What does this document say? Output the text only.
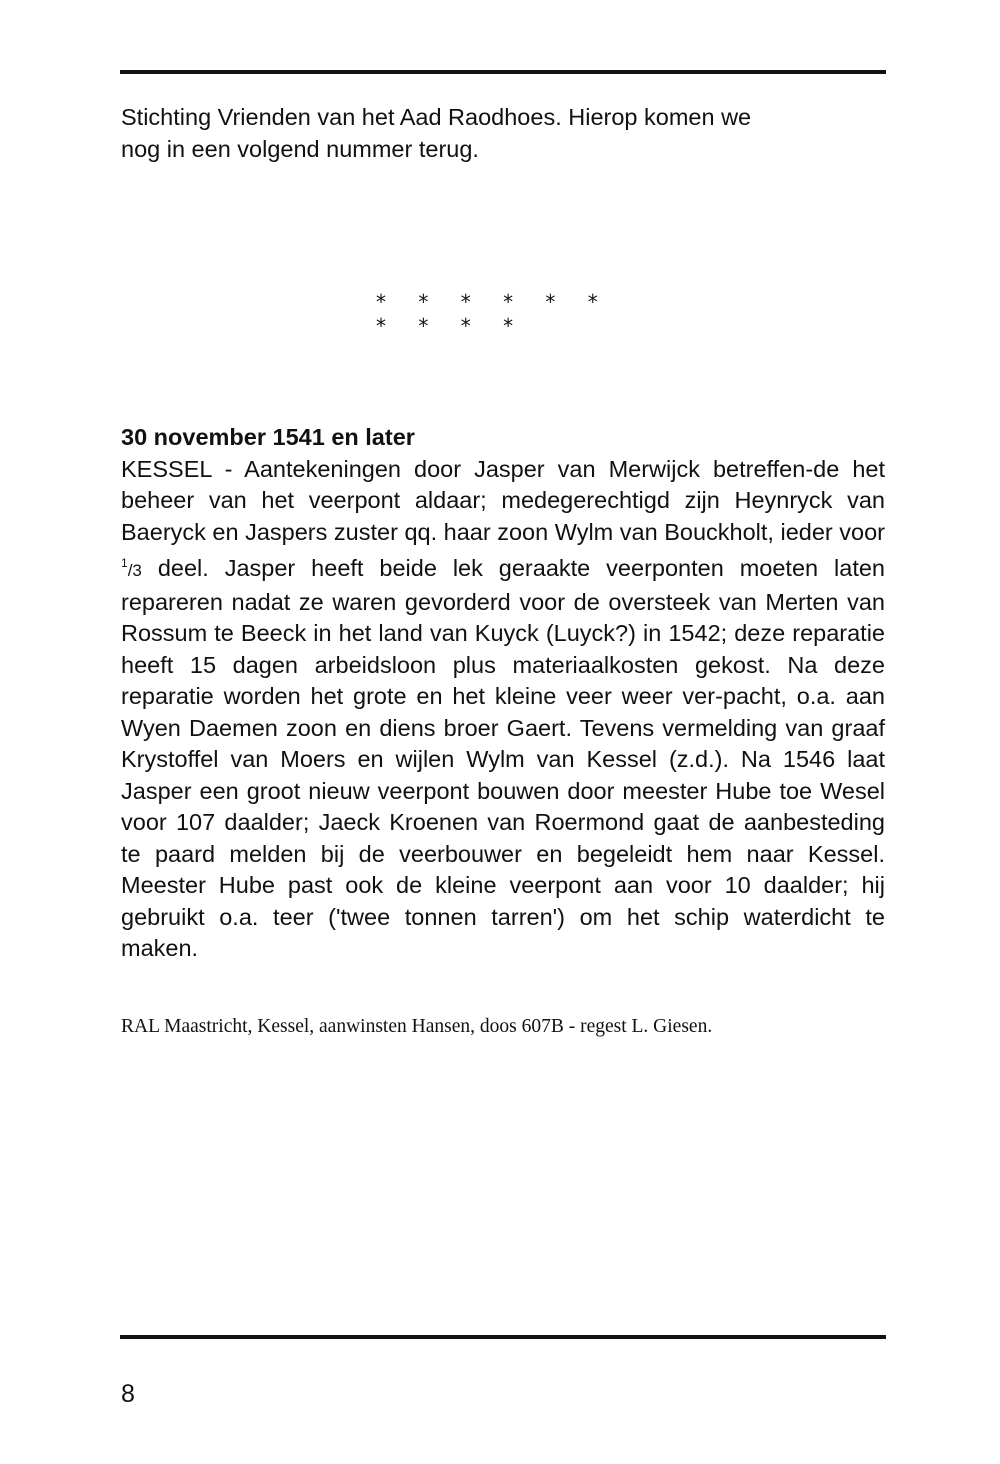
Stichting Vrienden van het Aad Raodhoes. Hierop komen we
nog in een volgend nummer terug.
* * * * * * * * * *
30 november 1541 en later
KESSEL - Aantekeningen door Jasper van Merwijck betreffen-de het beheer van het veerpont aldaar; medegerechtigd zijn Heynryck van Baeryck en Jaspers zuster qq. haar zoon Wylm van Bouckholt, ieder voor $^1$/3 deel. Jasper heeft beide lek geraakte veerponten moeten laten repareren nadat ze waren gevorderd voor de oversteek van Merten van Rossum te Beeck in het land van Kuyck (Luyck?) in 1542; deze reparatie heeft 15 dagen arbeidsloon plus materiaalkosten gekost. Na deze reparatie worden het grote en het kleine veer weer ver-pacht, o.a. aan Wyen Daemen zoon en diens broer Gaert. Tevens vermelding van graaf Krystoffel van Moers en wijlen Wylm van Kessel (z.d.). Na 1546 laat Jasper een groot nieuw veerpont bouwen door meester Hube toe Wesel voor 107 daalder; Jaeck Kroenen van Roermond gaat de aanbesteding te paard melden bij de veerbouwer en begeleidt hem naar Kessel. Meester Hube past ook de kleine veerpont aan voor 10 daalder; hij gebruikt o.a. teer ('twee tonnen tarren') om het schip waterdicht te maken.
RAL Maastricht, Kessel, aanwinsten Hansen, doos 607B - regest L. Giesen.
8
